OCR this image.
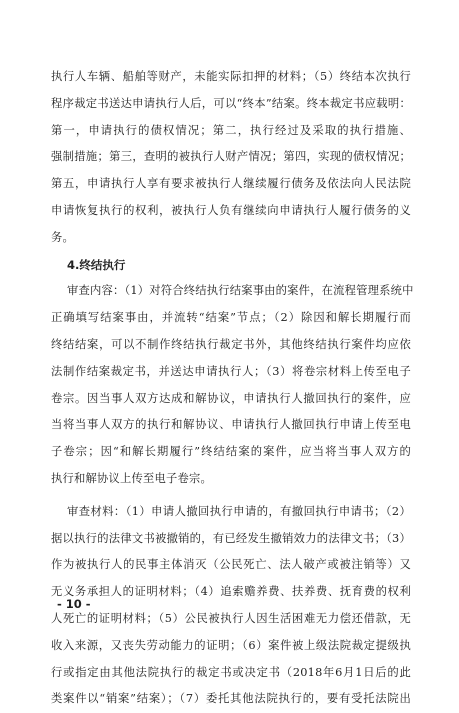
执行人车辆、船舶等财产，未能实际扣押的材料；（5）终结本次执行
程序裁定书送达申请执行人后，可以“终本”结案。终本裁定书应载明：
第一，申请执行的债权情况；第二，执行经过及采取的执行措施、
强制措施；第三，查明的被执行人财产情况；第四，实现的债权情况；
第五，申请执行人享有要求被执行人继续履行债务及依法向人民法院
申请恢复执行的权利，被执行人负有继续向申请执行人履行债务的义
务。
4.终结执行
审查内容：（1）对符合终结执行结案事由的案件，在流程管理系统中
正确填写结案事由，并流转“结案”节点；（2）除因和解长期履行而
终结结案，可以不制作终结执行裁定书外，其他终结执行案件均应依
法制作结案裁定书，并送达申请执行人；（3）将卷宗材料上传至电子
卷宗。因当事人双方达成和解协议，申请执行人撤回执行的案件，应
当将当事人双方的执行和解协议、申请执行人撤回执行申请上传至电
子卷宗；因“和解长期履行”终结结案的案件，应当将当事人双方的
执行和解协议上传至电子卷宗。
审查材料：（1）申请人撤回执行申请的，有撤回执行申请书；（2）
据以执行的法律文书被撤销的，有已经发生撤销效力的法律文书；（3）
作为被执行人的民事主体消灭（公民死亡、法人破产或被注销等）又
无义务承担人的证明材料；（4）追索赡养费、扶养费、抚育费的权利
人死亡的证明材料；（5）公民被执行人因生活困难无力偿还借款，无
收入来源，又丧失劳动能力的证明；（6）案件被上级法院裁定提级执
行或指定由其他法院执行的裁定书或决定书（2018年6月1日后的此
类案件以“销案”结案）；（7）委托其他法院执行的，要有受托法院出
- 10 -
